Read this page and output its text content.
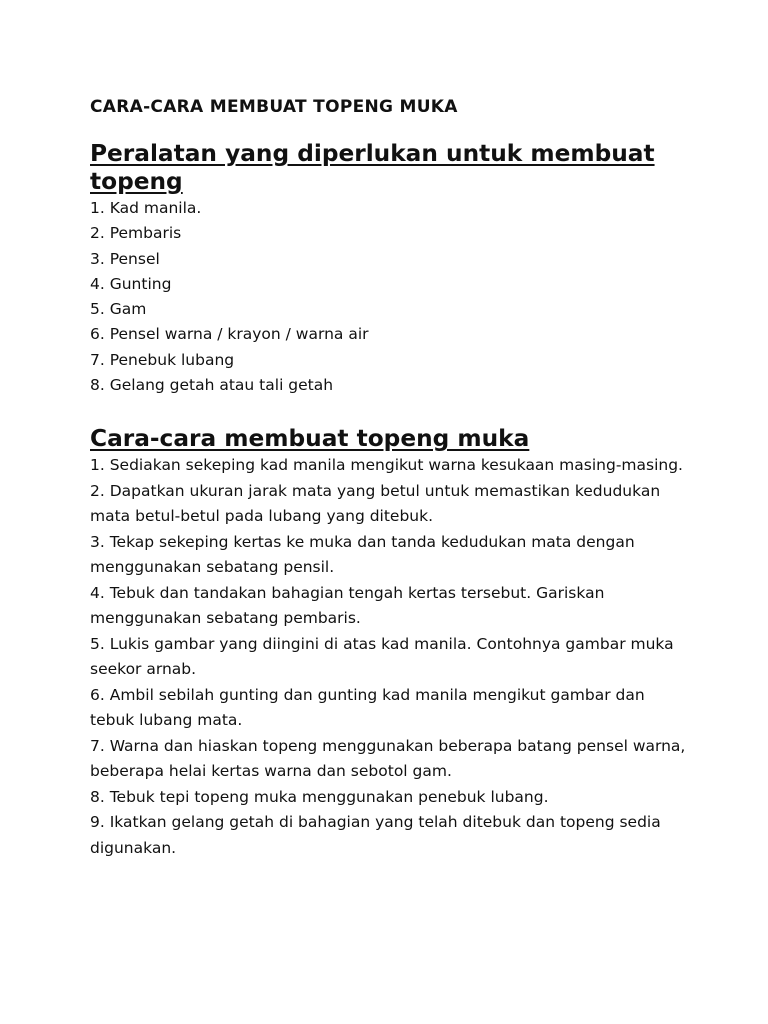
CARA-CARA MEMBUAT TOPENG MUKA
Peralatan yang diperlukan untuk membuat topeng
1. Kad manila.
2. Pembaris
3. Pensel
4. Gunting
5. Gam
6. Pensel warna / krayon / warna air
7. Penebuk lubang
8. Gelang getah atau tali getah
Cara-cara membuat topeng muka
1. Sediakan sekeping kad manila mengikut warna kesukaan masing-masing.
2. Dapatkan ukuran jarak mata yang betul untuk memastikan kedudukan mata betul-betul pada lubang yang ditebuk.
3. Tekap sekeping kertas ke muka dan tanda kedudukan mata dengan menggunakan sebatang pensil.
4. Tebuk dan tandakan bahagian tengah kertas tersebut. Gariskan menggunakan sebatang pembaris.
5. Lukis gambar yang diingini di atas kad manila. Contohnya gambar muka seekor arnab.
6. Ambil sebilah gunting dan gunting kad manila mengikut gambar dan tebuk lubang mata.
7. Warna dan hiaskan topeng menggunakan beberapa batang pensel warna, beberapa helai kertas warna dan sebotol gam.
8. Tebuk tepi topeng muka menggunakan penebuk lubang.
9. Ikatkan gelang getah di bahagian yang telah ditebuk dan topeng sedia digunakan.
